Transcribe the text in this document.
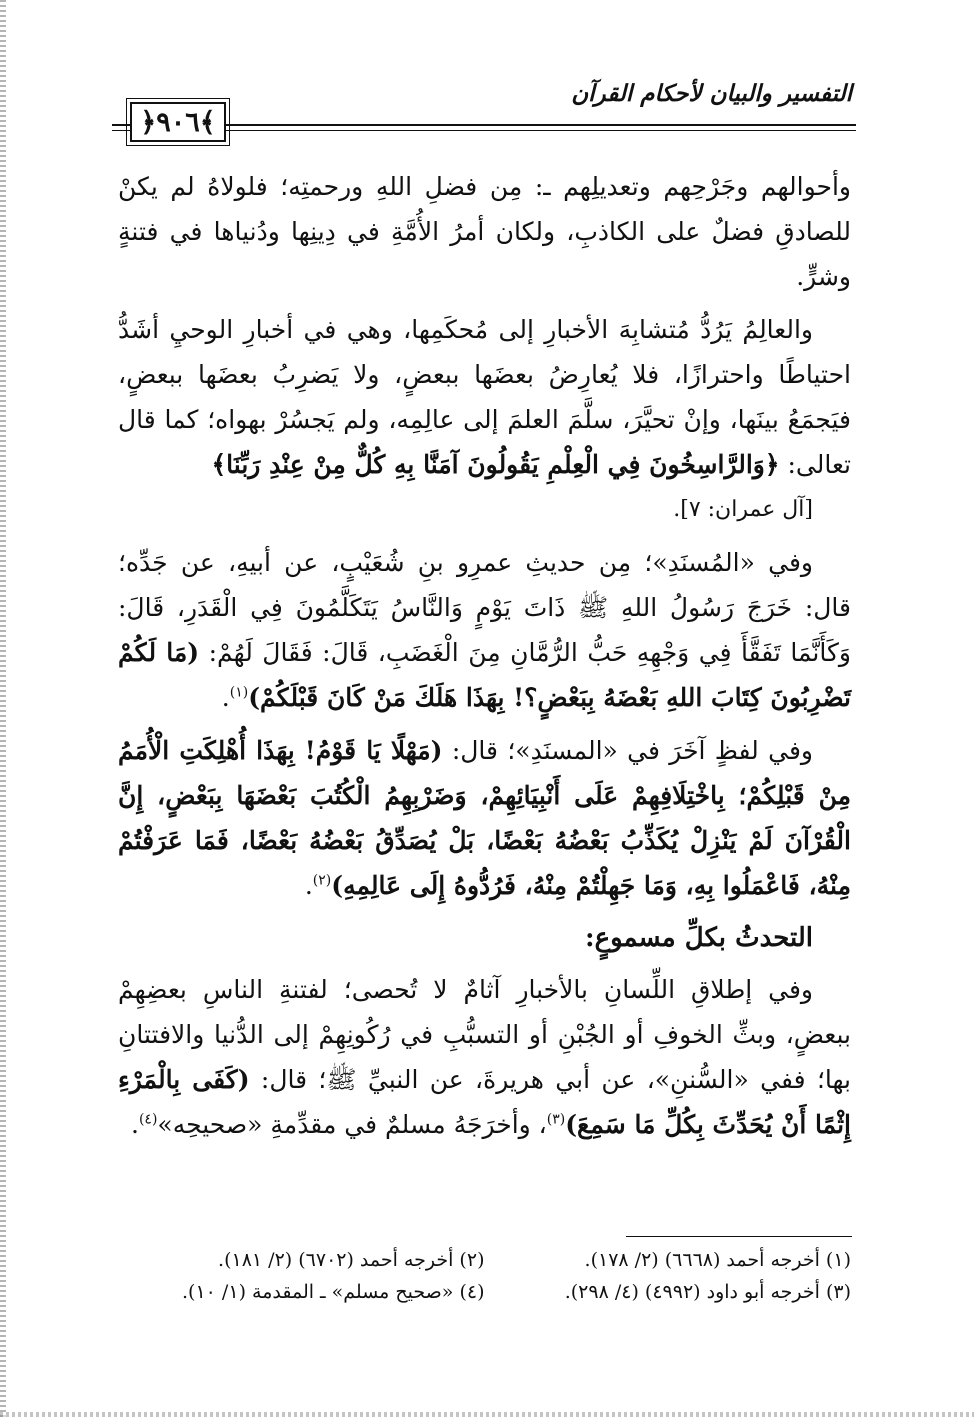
﴿٩٠٦﴾
التفسير والبيان لأحكام القرآن

وأحوالهم وجَرْحِهم وتعديلِهم ـ: مِن فضلِ اللهِ ورحمتِه؛ فلولاهُ لم يكنْ للصادقِ فضلٌ على الكاذبِ، ولكان أمرُ الأُمَّةِ في دِينِها ودُنياها في فتنةٍ وشرٍّ.

والعالِمُ يَرُدُّ مُتشابِهَ الأخبارِ إلى مُحكَمِها، وهي في أخبارِ الوحيِ أشَدُّ احتياطًا واحترازًا، فلا يُعارِضُ بعضَها ببعضٍ، ولا يَضرِبُ بعضَها ببعضٍ، فيَجمَعُ بينَها، وإنْ تحيَّرَ، سلَّمَ العلمَ إلى عالِمِه، ولم يَجسُرْ بهواه؛ كما قال تعالى: ﴿وَالرَّاسِخُونَ فِي الْعِلْمِ يَقُولُونَ آمَنَّا بِهِ كُلٌّ مِنْ عِنْدِ رَبِّنَا﴾
[آل عمران: ٧].

وفي «المُسنَدِ»؛ مِن حديثِ عمرِو بنِ شُعَيْبٍ، عن أبيهِ، عن جَدِّه؛ قال: خَرَجَ رَسُولُ اللهِ ﷺ ذَاتَ يَوْمٍ وَالنَّاسُ يَتَكَلَّمُونَ فِي الْقَدَرِ، قَالَ: وَكَأَنَّمَا تَفَقَّأَ فِي وَجْهِهِ حَبُّ الرُّمَّانِ مِنَ الْغَضَبِ، قَالَ: فَقَالَ لَهُمْ: (مَا لَكُمْ تَضْرِبُونَ كِتَابَ اللهِ بَعْضَهُ بِبَعْضٍ؟! بِهَذَا هَلَكَ مَنْ كَانَ قَبْلَكُمْ)$^{(١)}$.

وفي لفظٍ آخَرَ في «المسنَدِ»؛ قال: (مَهْلًا يَا قَوْمُ! بِهَذَا أُهْلِكَتِ الْأُمَمُ مِنْ قَبْلِكُمْ؛ بِاخْتِلَافِهِمْ عَلَى أَنْبِيَائِهِمْ، وَضَرْبِهِمُ الْكُتُبَ بَعْضَهَا بِبَعْضٍ، إِنَّ الْقُرْآنَ لَمْ يَنْزِلْ يُكَذِّبُ بَعْضُهُ بَعْضًا، بَلْ يُصَدِّقُ بَعْضُهُ بَعْضًا، فَمَا عَرَفْتُمْ مِنْهُ، فَاعْمَلُوا بِهِ، وَمَا جَهِلْتُمْ مِنْهُ، فَرُدُّوهُ إِلَى عَالِمِهِ)$^{(٢)}$.

التحدثُ بكلِّ مسموعٍ:

وفي إطلاقِ اللِّسانِ بالأخبارِ آثامٌ لا تُحصى؛ لفتنةِ الناسِ بعضِهِمْ ببعضٍ، وبثِّ الخوفِ أو الجُبْنِ أو التسبُّبِ في رُكُونِهِمْ إلى الدُّنيا والافتتانِ بها؛ ففي «السُّننِ»، عن أبي هريرةَ، عن النبيِّ ﷺ؛ قال: (كَفَى بِالْمَرْءِ إِثْمًا أَنْ يُحَدِّثَ بِكُلِّ مَا سَمِعَ)$^{(٣)}$، وأخرَجَهُ مسلمٌ في مقدِّمةِ «صحيحِه»$^{(٤)}$.

(١) أخرجه أحمد (٦٦٦٨) (٢/ ١٧٨).
(٢) أخرجه أحمد (٦٧٠٢) (٢/ ١٨١).
(٣) أخرجه أبو داود (٤٩٩٢) (٤/ ٢٩٨).
(٤) «صحيح مسلم» ـ المقدمة (١/ ١٠).
